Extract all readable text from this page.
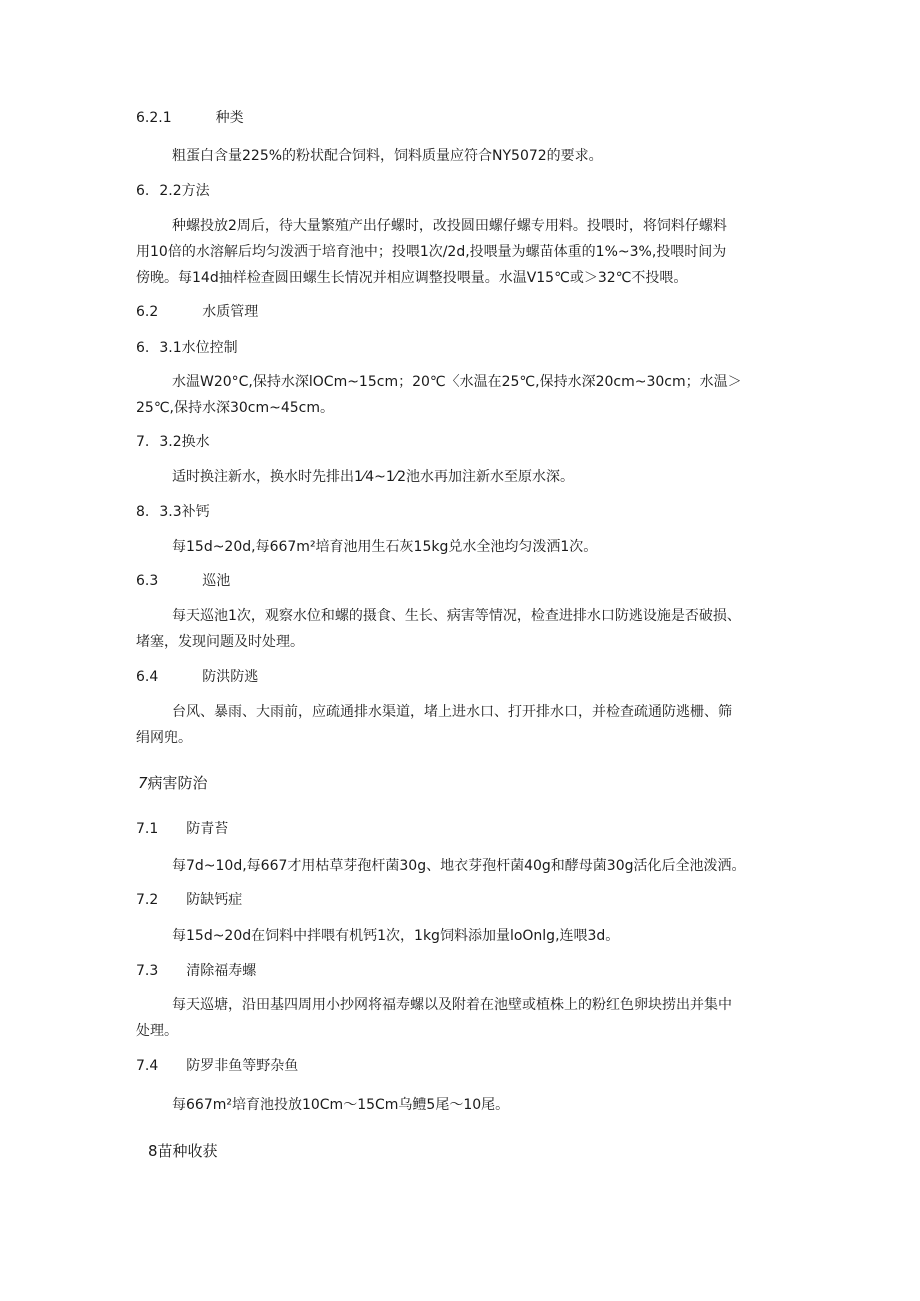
6.2.1	种类
粗蛋白含量225%的粉状配合饲料，饲料质量应符合NY5072的要求。
6. 2.2方法
种螺投放2周后，待大量繁殖产出仔螺时，改投圆田螺仔螺专用料。投喂时，将饲料仔螺料
用10倍的水溶解后均匀泼洒于培育池中；投喂1次/2d,投喂量为螺苗体重的1%~3%,投喂时间为
傍晚。每14d抽样检查圆田螺生长情况并相应调整投喂量。水温V15℃或＞32℃不投喂。
6.2	水质管理
6. 3.1水位控制
水温W20°C,保持水深lOCm~15cm；20℃〈水温在25℃,保持水深20cm~30cm；水温＞
25℃,保持水深30cm~45cm。
7. 3.2换水
适时换注新水，换水时先排出1⁄4~1⁄2池水再加注新水至原水深。
8. 3.3补钙
每15d~20d,每667m²培育池用生石灰15kg兑水全池均匀泼洒1次。
6.3	巡池
每天巡池1次，观察水位和螺的摄食、生长、病害等情况，检查进排水口防逃设施是否破损、
堵塞，发现问题及时处理。
6.4	防洪防逃
台风、暴雨、大雨前，应疏通排水渠道，堵上进水口、打开排水口，并检查疏通防逃栅、筛
绢网兜。
7病害防治
7.1 防青苔
每7d~10d,每667才用枯草芽孢杆菌30g、地衣芽孢杆菌40g和酵母菌30g活化后全池泼洒。
7.2 防缺钙症
每15d~20d在饲料中拌喂有机钙1次，1kg饲料添加量loOnlg,连喂3d。
7.3 清除福寿螺
每天巡塘，沿田基四周用小抄网将福寿螺以及附着在池壁或植株上的粉红色卵块捞出并集中
处理。
7.4 防罗非鱼等野杂鱼
每667m²培育池投放10Cm～15Cm乌鳢5尾～10尾。
8苗种收获
